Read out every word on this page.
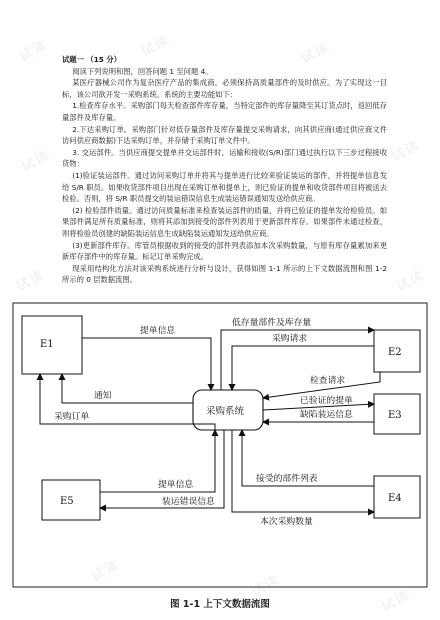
试读	试读	试读
试读	试读
试读	试读
试读
试读
试读

试题一 （15 分）

阅读下列说明和图，回答问题 1 至问题 4。

某医疗器械公司作为复杂医疗产品的集成商，必须保持高质量部件的及时供应。为了实现这一目标，该公司欲开发一采购系统。系统的主要功能如下：

1.检查库存水平。采购部门每天检查部件库存量，当特定部件的库存量降至其订货点时，返回低存量部件及库存量。

2.下达采购订单。采购部门针对低存量部件及库存量提交采购请求，向其供应商(通过供应商文件访问供应商数据)下达采购订单，并存储于采购订单文件中。

3. 交运部件。当供应商提交提单并交运部件时，运输和接收(S/R)部门通过执行以下三步过程接收货物：

(1)验证装运部件。通过访问采购订单并将其与提单进行比较来验证装运的部件，并将提单信息发给 S/R 职员。如果收货部件项目出现在采购订单和提单上，则已验证的提单和收货部件项目将被送去检验。否则，将 S/R 职员提交的装运错误信息生成装运错误通知发送给供应商。

(2) 检验部件质量。通过访问质量标准来检查装运部件的质量，并将已验证的提单发给检验员。如果部件满足所有质量标准，则将其添加到接受的部件列表用于更新部件库存。如果部件未通过检查，则将检验员创建的缺陷装运信息生成缺陷装运通知发送给供应商。

(3)更新部件库存。库管员根据收到的接受的部件列表添加本次采购数量，与原有库存量累加来更新库存部件中的库存量。标记订单采购完成。

现采用结构化方法对该采购系统进行分析与设计，获得如图 1-1 所示的上下文数据流图和图 1-2 所示的 0 层数据流图。

E1
E2
E3
E4
E5
采购系统
提单信息
低存量部件及库存量
采购请求
检查请求
通知	已验证的提单
缺陷装运信息
采购订单
提单信息
装运错误信息
接受的部件列表
本次采购数量
图 1-1 上下文数据流图
